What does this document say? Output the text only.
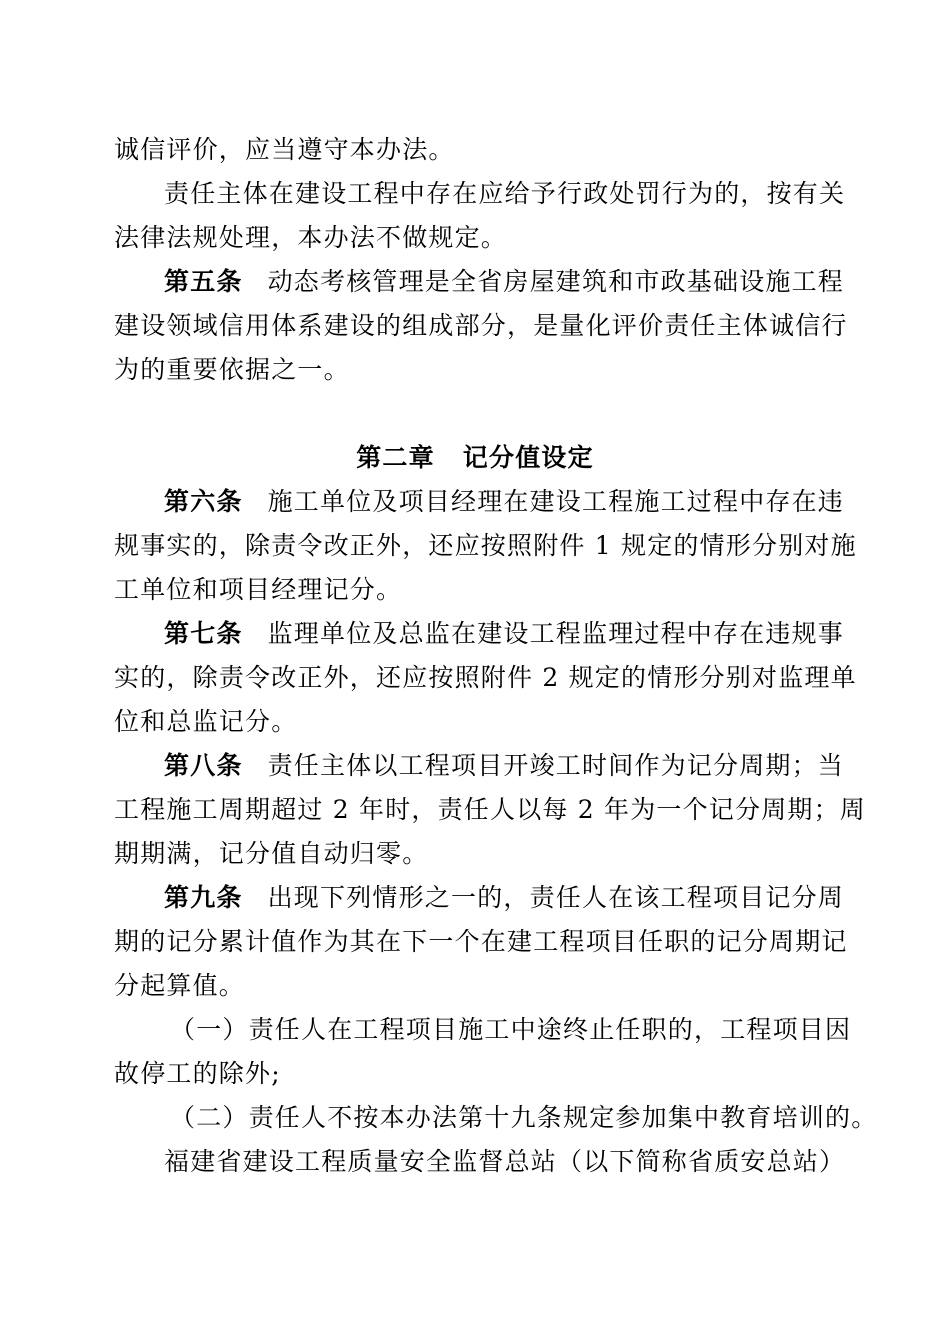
诚信评价，应当遵守本办法。
责任主体在建设工程中存在应给予行政处罚行为的，按有关
法律法规处理，本办法不做规定。
第五条 动态考核管理是全省房屋建筑和市政基础设施工程
建设领域信用体系建设的组成部分，是量化评价责任主体诚信行
为的重要依据之一。
第二章 记分值设定
第六条 施工单位及项目经理在建设工程施工过程中存在违
规事实的，除责令改正外，还应按照附件 1 规定的情形分别对施
工单位和项目经理记分。
第七条 监理单位及总监在建设工程监理过程中存在违规事
实的，除责令改正外，还应按照附件 2 规定的情形分别对监理单
位和总监记分。
第八条 责任主体以工程项目开竣工时间作为记分周期；当
工程施工周期超过 2 年时，责任人以每 2 年为一个记分周期；周
期期满，记分值自动归零。
第九条 出现下列情形之一的，责任人在该工程项目记分周
期的记分累计值作为其在下一个在建工程项目任职的记分周期记
分起算值。
（一）责任人在工程项目施工中途终止任职的，工程项目因
故停工的除外;
（二）责任人不按本办法第十九条规定参加集中教育培训的。
福建省建设工程质量安全监督总站（以下简称省质安总站）
